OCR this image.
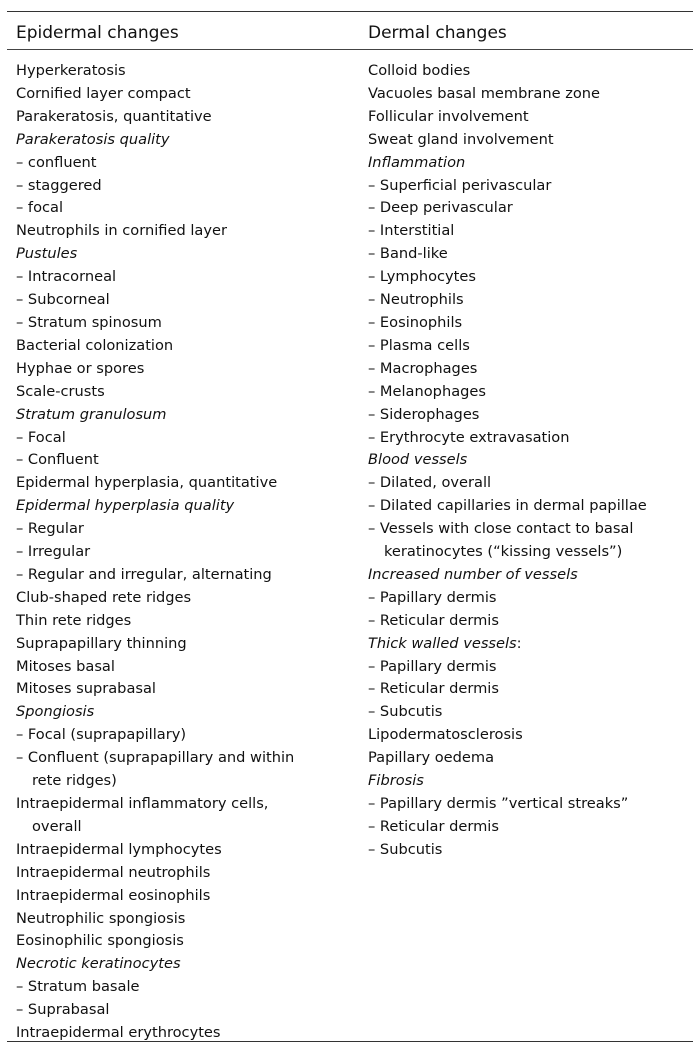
Epidermal changes	Dermal changes
Hyperkeratosis
Cornified layer compact
Parakeratosis, quantitative
Parakeratosis quality
– confluent
– staggered
– focal
Neutrophils in cornified layer
Pustules
– Intracorneal
– Subcorneal
– Stratum spinosum
Bacterial colonization
Hyphae or spores
Scale-crusts
Stratum granulosum
– Focal
– Confluent
Epidermal hyperplasia, quantitative
Epidermal hyperplasia quality
– Regular
– Irregular
– Regular and irregular, alternating
Club-shaped rete ridges
Thin rete ridges
Suprapapillary thinning
Mitoses basal
Mitoses suprabasal
Spongiosis
– Focal (suprapapillary)
– Confluent (suprapapillary and within
rete ridges)
Intraepidermal inflammatory cells,
overall
Intraepidermal lymphocytes
Intraepidermal neutrophils
Intraepidermal eosinophils
Neutrophilic spongiosis
Eosinophilic spongiosis
Necrotic keratinocytes
– Stratum basale
– Suprabasal
Intraepidermal erythrocytes
Colloid bodies
Vacuoles basal membrane zone
Follicular involvement
Sweat gland involvement
Inflammation
– Superficial perivascular
– Deep perivascular
– Interstitial
– Band-like
– Lymphocytes
– Neutrophils
– Eosinophils
– Plasma cells
– Macrophages
– Melanophages
– Siderophages
– Erythrocyte extravasation
Blood vessels
– Dilated, overall
– Dilated capillaries in dermal papillae
– Vessels with close contact to basal
keratinocytes (“kissing vessels”)
Increased number of vessels
– Papillary dermis
– Reticular dermis
Thick walled vessels:
– Papillary dermis
– Reticular dermis
– Subcutis
Lipodermatosclerosis
Papillary oedema
Fibrosis
– Papillary dermis ”vertical streaks”
– Reticular dermis
– Subcutis
